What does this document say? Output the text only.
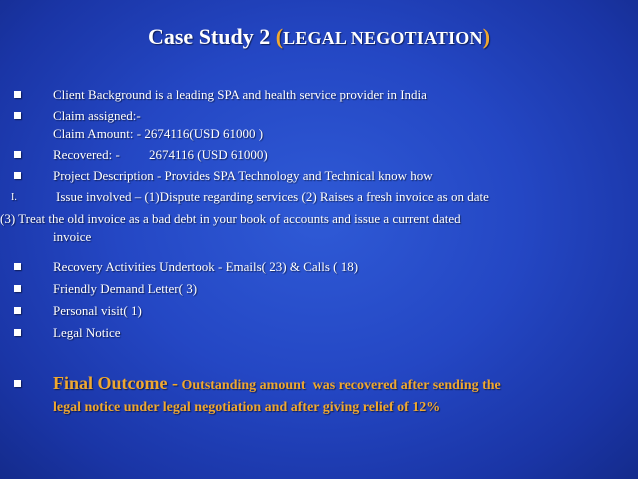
Case Study 2 (LEGAL NEGOTIATION)
Client Background is a leading SPA and health service provider in India
Claim assigned:-
Claim Amount: - 2674116(USD 61000 )
Recovered: -         2674116 (USD 61000)
Project Description - Provides SPA Technology and Technical know how
I.	Issue involved – (1)Dispute regarding services (2) Raises a fresh invoice as on date
(3) Treat the old invoice as a bad debt in your book of accounts and issue a current dated
invoice
Recovery Activities Undertook - Emails( 23) & Calls ( 18)
Friendly Demand Letter( 3)
Personal visit( 1)
Legal Notice
Final Outcome - Outstanding amount  was recovered after sending the
legal notice under legal negotiation and after giving relief of 12%
